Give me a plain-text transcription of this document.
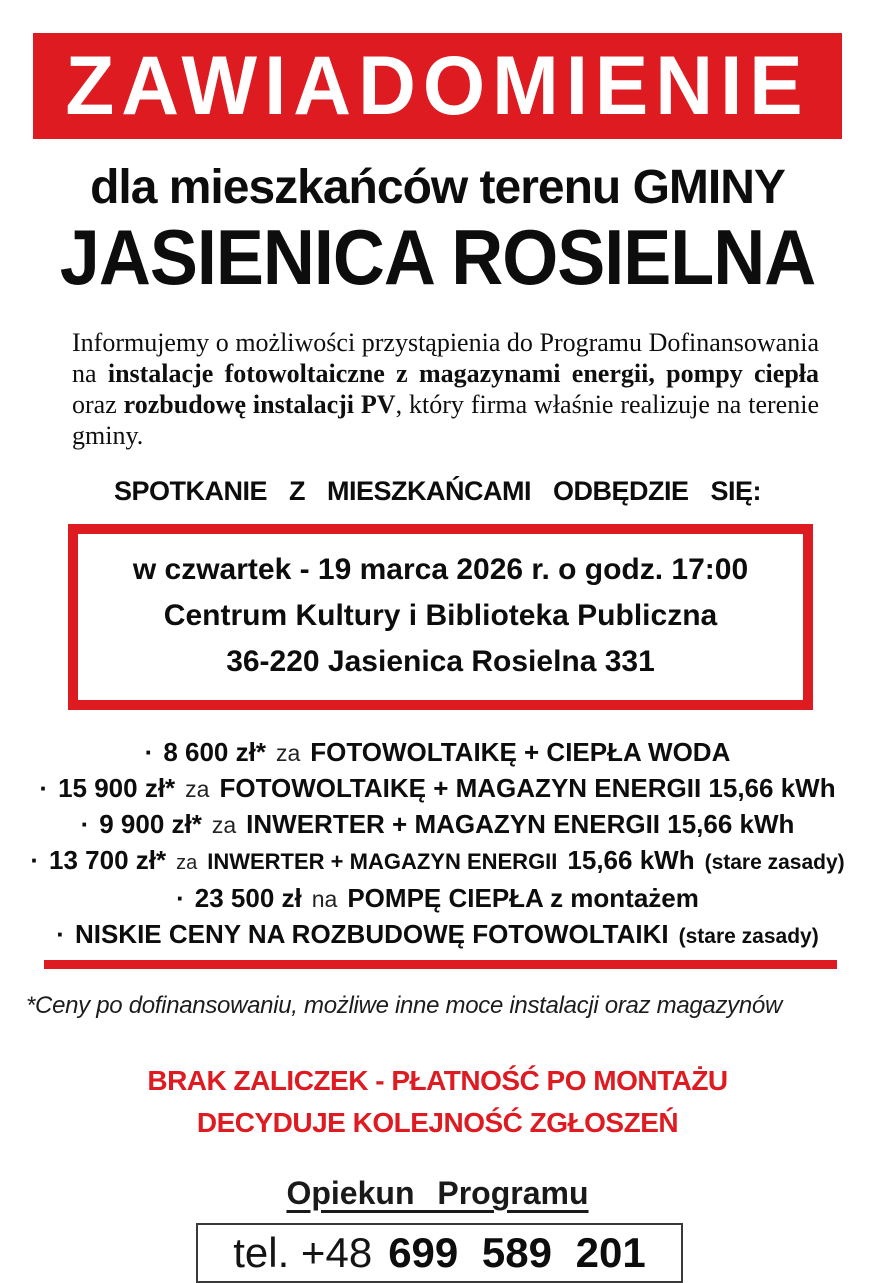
ZAWIADOMIENIE
dla mieszkańców terenu GMINY
JASIENICA ROSIELNA

Informujemy o możliwości przystąpienia do Programu Dofinansowania na instalacje fotowoltaiczne z magazynami energii, pompy ciepła oraz rozbudowę instalacji PV, który firma właśnie realizuje na terenie gminy.

SPOTKANIE Z MIESZKAŃCAMI ODBĘDZIE SIĘ:
w czwartek - 19 marca 2026 r. o godz. 17:00
Centrum Kultury i Biblioteka Publiczna
36-220 Jasienica Rosielna 331
· 8 600 zł* za FOTOWOLTAIKĘ + CIEPŁA WODA
· 15 900 zł* za FOTOWOLTAIKĘ + MAGAZYN ENERGII 15,66 kWh
· 9 900 zł* za INWERTER + MAGAZYN ENERGII 15,66 kWh
· 13 700 zł* za INWERTER + MAGAZYN ENERGII 15,66 kWh (stare zasady)
· 23 500 zł na POMPĘ CIEPŁA z montażem
· NISKIE CENY NA ROZBUDOWĘ FOTOWOLTAIKI (stare zasady)
*Ceny po dofinansowaniu, możliwe inne moce instalacji oraz magazynów
BRAK ZALICZEK - PŁATNOŚĆ PO MONTAŻU
DECYDUJE KOLEJNOŚĆ ZGŁOSZEŃ
Opiekun Programu
tel. +48 699 589 201
